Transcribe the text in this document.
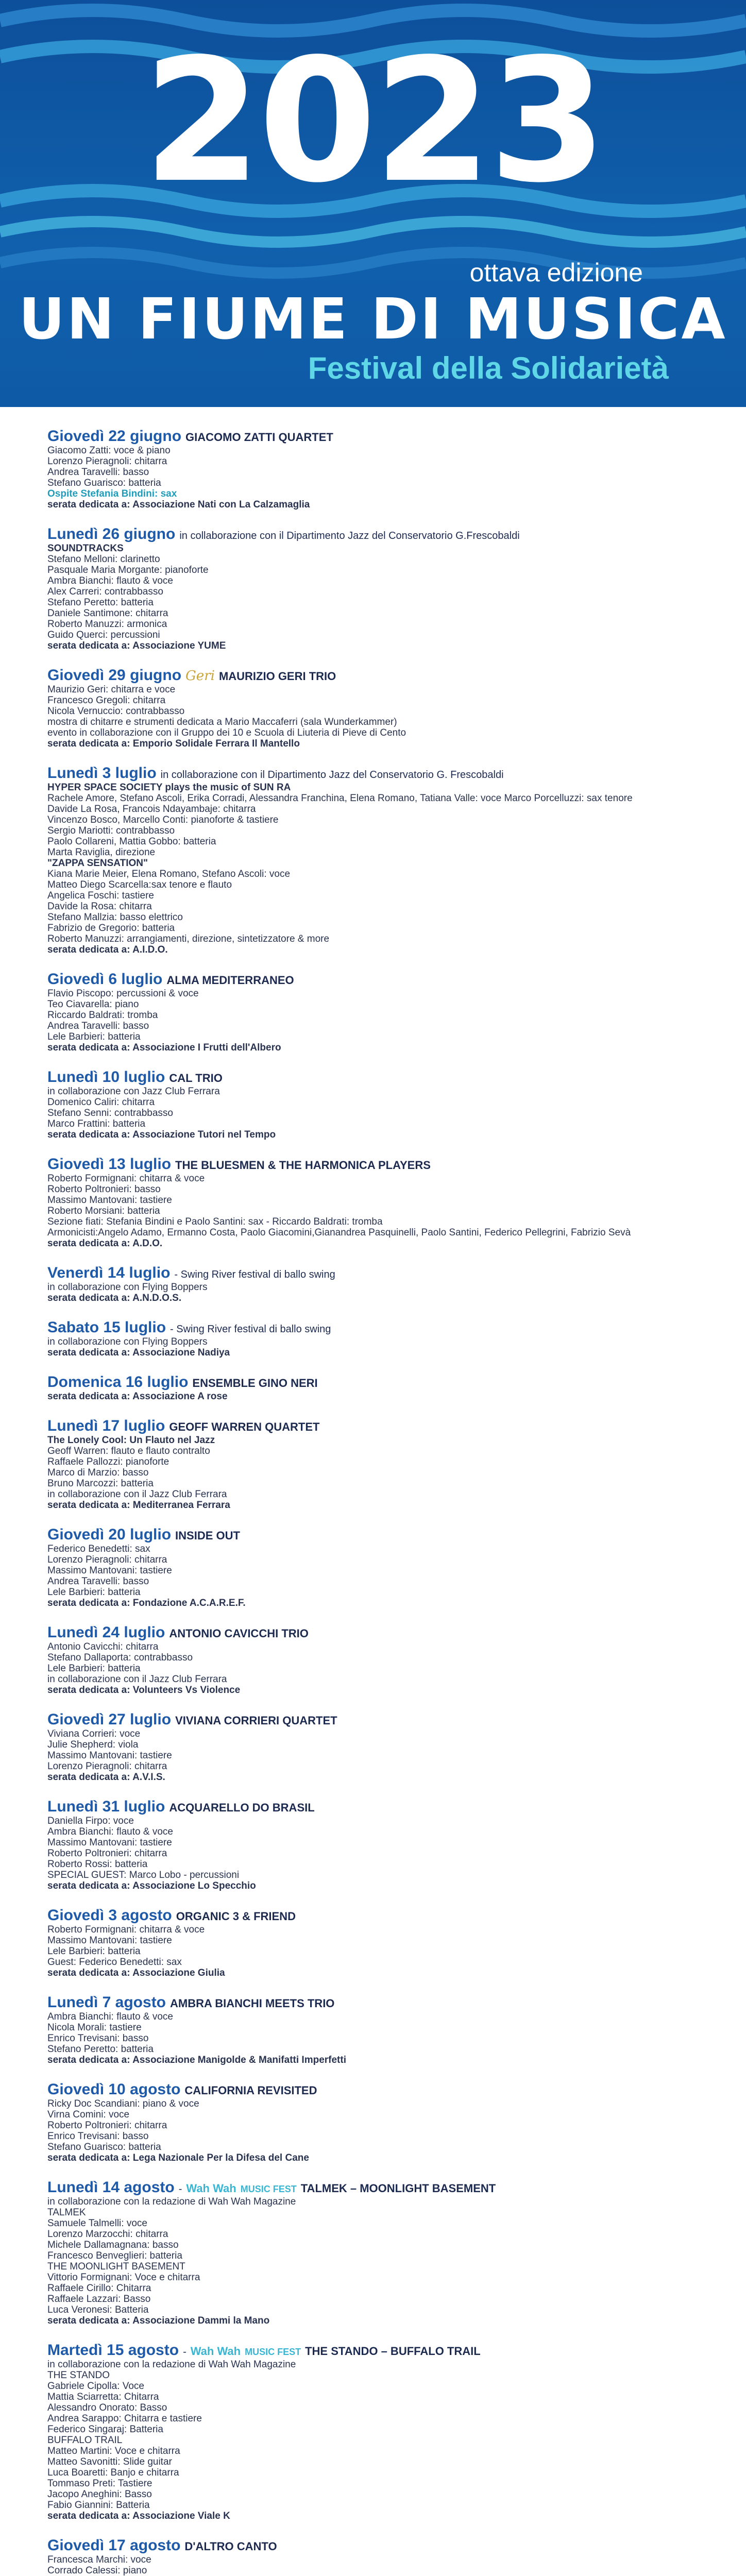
2023
ottava edizione
UN FIUME DI MUSICA
Festival della Solidarietà
Giovedì 22 giugno GIACOMO ZATTI QUARTET
Giacomo Zatti: voce & piano
Lorenzo Pieragnoli: chitarra
Andrea Taravelli: basso
Stefano Guarisco: batteria
Ospite Stefania Bindini: sax
serata dedicata a: Associazione Nati con La Calzamaglia
Lunedì 26 giugno in collaborazione con il Dipartimento Jazz del Conservatorio G.Frescobaldi
SOUNDTRACKS
Stefano Melloni: clarinetto
Pasquale Maria Morgante: pianoforte
Ambra Bianchi: flauto & voce
Alex Carreri: contrabbasso
Stefano Peretto: batteria
Daniele Santimone: chitarra
Roberto Manuzzi: armonica
Guido Querci: percussioni
serata dedicata a: Associazione YUME
Giovedì 29 giugno Geri MAURIZIO GERI TRIO
Maurizio Geri: chitarra e voce
Francesco Gregoli: chitarra
Nicola Vernuccio: contrabbasso
mostra di chitarre e strumenti dedicata a Mario Maccaferri (sala Wunderkammer)
evento in collaborazione con il Gruppo dei 10 e Scuola di Liuteria di Pieve di Cento
serata dedicata a: Emporio Solidale Ferrara Il Mantello
Lunedì 3 luglio in collaborazione con il Dipartimento Jazz del Conservatorio G. Frescobaldi
HYPER SPACE SOCIETY plays the music of SUN RA
Rachele Amore, Stefano Ascoli, Erika Corradi, Alessandra Franchina, Elena Romano, Tatiana Valle: voce Marco Porcelluzzi: sax tenore
Davide La Rosa, Francois Ndayambaje: chitarra
Vincenzo Bosco, Marcello Conti: pianoforte & tastiere
Sergio Mariotti: contrabbasso
Paolo Collareni, Mattia Gobbo: batteria
Marta Raviglia, direzione
"ZAPPA SENSATION"
Kiana Marie Meier, Elena Romano, Stefano Ascoli: voce
Matteo Diego Scarcella:sax tenore e flauto
Angelica Foschi: tastiere
Davide la Rosa: chitarra
Stefano Mallzia: basso elettrico
Fabrizio de Gregorio: batteria
Roberto Manuzzi: arrangiamenti, direzione, sintetizzatore & more
serata dedicata a: A.I.D.O.
Giovedì 6 luglio ALMA MEDITERRANEO
Flavio Piscopo: percussioni & voce
Teo Ciavarella: piano
Riccardo Baldrati: tromba
Andrea Taravelli: basso
Lele Barbieri: batteria
serata dedicata a: Associazione I Frutti dell'Albero
Lunedì 10 luglio CAL TRIO
in collaborazione con Jazz Club Ferrara
Domenico Caliri: chitarra
Stefano Senni: contrabbasso
Marco Frattini: batteria
serata dedicata a: Associazione Tutori nel Tempo
Giovedì 13 luglio THE BLUESMEN & THE HARMONICA PLAYERS
Roberto Formignani: chitarra & voce
Roberto Poltronieri: basso
Massimo Mantovani: tastiere
Roberto Morsiani: batteria
Sezione fiati: Stefania Bindini e Paolo Santini: sax - Riccardo Baldrati: tromba
Armonicisti:Angelo Adamo, Ermanno Costa, Paolo Giacomini,Gianandrea Pasquinelli, Paolo Santini, Federico Pellegrini, Fabrizio Sevà
serata dedicata a: A.D.O.
Venerdì 14 luglio - Swing River festival di ballo swing
in collaborazione con Flying Boppers
serata dedicata a: A.N.D.O.S.
Sabato 15 luglio - Swing River festival di ballo swing
in collaborazione con Flying Boppers
serata dedicata a: Associazione Nadiya
Domenica 16 luglio ENSEMBLE GINO NERI
serata dedicata a: Associazione A rose
Lunedì 17 luglio GEOFF WARREN QUARTET
The Lonely Cool: Un Flauto nel Jazz
Geoff Warren: flauto e flauto contralto
Raffaele Pallozzi: pianoforte
Marco di Marzio: basso
Bruno Marcozzi: batteria
in collaborazione con il Jazz Club Ferrara
serata dedicata a: Mediterranea Ferrara
Giovedì 20 luglio INSIDE OUT
Federico Benedetti: sax
Lorenzo Pieragnoli: chitarra
Massimo Mantovani: tastiere
Andrea Taravelli: basso
Lele Barbieri: batteria
serata dedicata a: Fondazione A.C.A.R.E.F.
Lunedì 24 luglio ANTONIO CAVICCHI TRIO
Antonio Cavicchi: chitarra
Stefano Dallaporta: contrabbasso
Lele Barbieri: batteria
in collaborazione con il Jazz Club Ferrara
serata dedicata a: Volunteers Vs Violence
Giovedì 27 luglio VIVIANA CORRIERI QUARTET
Viviana Corrieri: voce
Julie Shepherd: viola
Massimo Mantovani: tastiere
Lorenzo Pieragnoli: chitarra
serata dedicata a: A.V.I.S.
Lunedì 31 luglio ACQUARELLO DO BRASIL
Daniella Firpo: voce
Ambra Bianchi: flauto & voce
Massimo Mantovani: tastiere
Roberto Poltronieri: chitarra
Roberto Rossi: batteria
SPECIAL GUEST: Marco Lobo - percussioni
serata dedicata a: Associazione Lo Specchio
Giovedì 3 agosto ORGANIC 3 & FRIEND
Roberto Formignani: chitarra & voce
Massimo Mantovani: tastiere
Lele Barbieri: batteria
Guest: Federico Benedetti: sax
serata dedicata a: Associazione Giulia
Lunedì 7 agosto AMBRA BIANCHI MEETS TRIO
Ambra Bianchi: flauto & voce
Nicola Morali: tastiere
Enrico Trevisani: basso
Stefano Peretto: batteria
serata dedicata a: Associazione Manigolde & Manifatti Imperfetti
Giovedì 10 agosto CALIFORNIA REVISITED
Ricky Doc Scandiani: piano & voce
Virna Comini: voce
Roberto Poltronieri: chitarra
Enrico Trevisani: basso
Stefano Guarisco: batteria
serata dedicata a: Lega Nazionale Per la Difesa del Cane
Lunedì 14 agosto - Wah Wah MUSIC FEST TALMEK – MOONLIGHT BASEMENT
in collaborazione con la redazione di Wah Wah Magazine
TALMEK
Samuele Talmelli: voce
Lorenzo Marzocchi: chitarra
Michele Dallamagnana: basso
Francesco Benveglieri: batteria
THE MOONLIGHT BASEMENT
Vittorio Formignani: Voce e chitarra
Raffaele Cirillo: Chitarra
Raffaele Lazzari: Basso
Luca Veronesi: Batteria
serata dedicata a: Associazione Dammi la Mano
Martedì 15 agosto - Wah Wah MUSIC FEST THE STANDO – BUFFALO TRAIL
in collaborazione con la redazione di Wah Wah Magazine
THE STANDO
Gabriele Cipolla: Voce
Mattia Sciarretta: Chitarra
Alessandro Onorato: Basso
Andrea Sarappo: Chitarra e tastiere
Federico Singaraj: Batteria
BUFFALO TRAIL
Matteo Martini: Voce e chitarra
Matteo Savonitti: Slide guitar
Luca Boaretti: Banjo e chitarra
Tommaso Preti: Tastiere
Jacopo Aneghini: Basso
Fabio Giannini: Batteria
serata dedicata a: Associazione Viale K
Giovedì 17 agosto D'ALTRO CANTO
Francesca Marchi: voce
Corrado Calessi: piano
